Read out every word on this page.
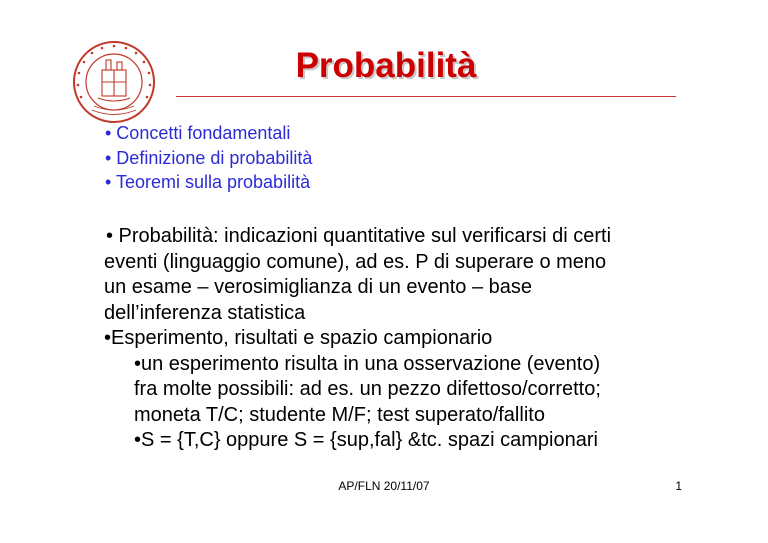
Probabilità
• Concetti fondamentali
• Definizione di probabilità
• Teoremi sulla probabilità

• Probabilità: indicazioni quantitative sul verificarsi di certi

eventi (linguaggio comune), ad es. P di superare o meno

un esame – verosimiglianza di un evento – base

dell’inferenza statistica

•Esperimento, risultati e spazio campionario

•un esperimento risulta in una osservazione (evento)

fra molte possibili: ad es. un pezzo difettoso/corretto;

moneta T/C; studente M/F; test superato/fallito

•S = {T,C} oppure S = {sup,fal} &tc. spazi campionari

AP/FLN 20/11/07	1
